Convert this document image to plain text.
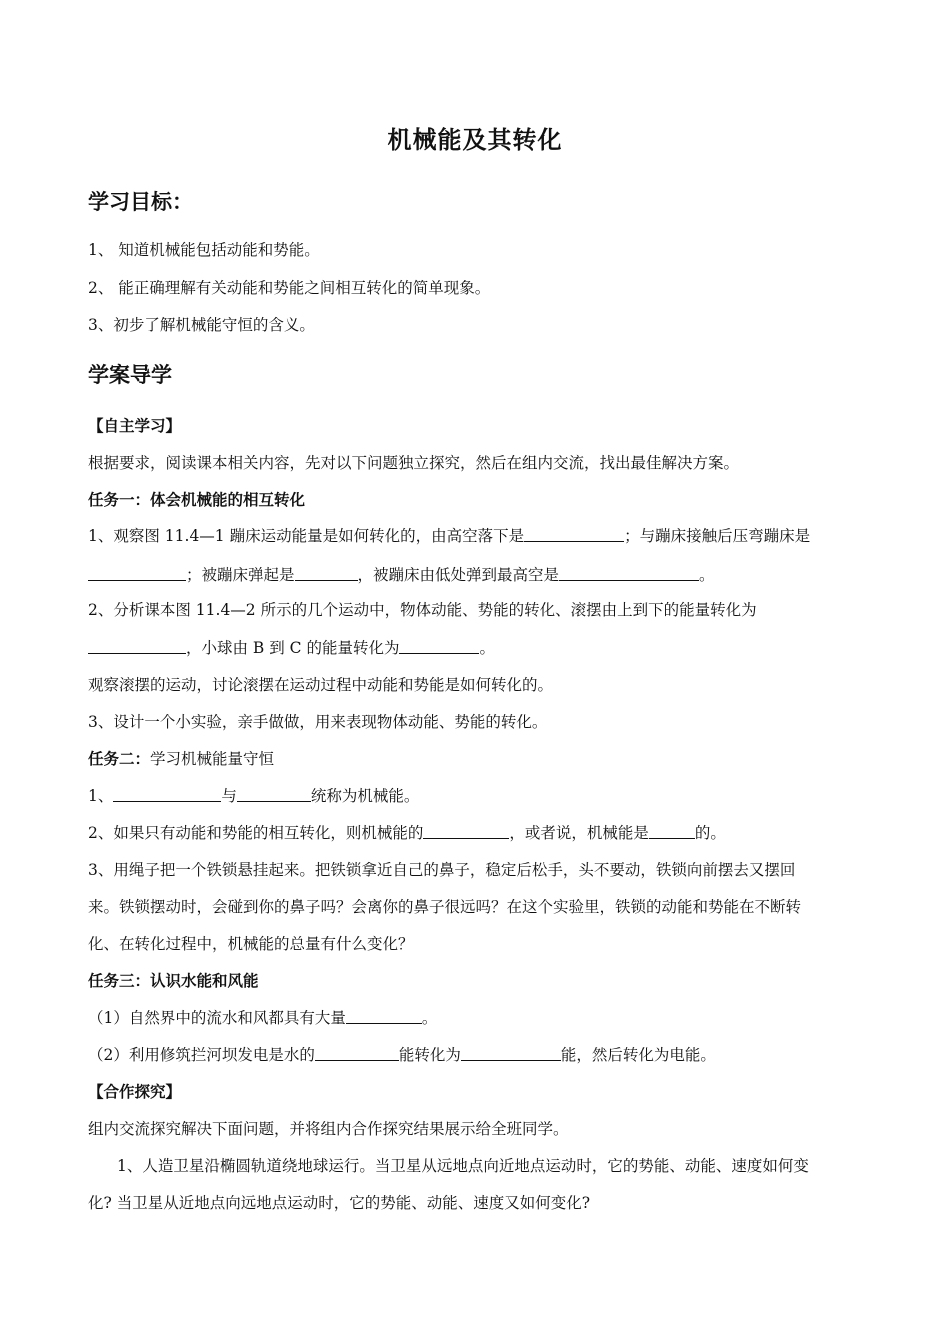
机械能及其转化
学习目标：
1、 知道机械能包括动能和势能。
2、 能正确理解有关动能和势能之间相互转化的简单现象。
3、初步了解机械能守恒的含义。
学案导学
【自主学习】
根据要求，阅读课本相关内容，先对以下问题独立探究，然后在组内交流，找出最佳解决方案。
任务一：体会机械能的相互转化
1、观察图 11.4—1 蹦床运动能量是如何转化的，由高空落下是	；与蹦床接触后压弯蹦床是
；被蹦床弹起是	，被蹦床由低处弹到最高空是	。
2、分析课本图 11.4—2 所示的几个运动中，物体动能、势能的转化、滚摆由上到下的能量转化为
，小球由 B 到 C 的能量转化为	。
观察滚摆的运动，讨论滚摆在运动过程中动能和势能是如何转化的。
3、设计一个小实验，亲手做做，用来表现物体动能、势能的转化。
任务二：学习机械能量守恒
1、	与	统称为机械能。
2、如果只有动能和势能的相互转化，则机械能的	，或者说，机械能是	的。
3、用绳子把一个铁锁悬挂起来。把铁锁拿近自己的鼻子，稳定后松手，头不要动，铁锁向前摆去又摆回
来。铁锁摆动时，会碰到你的鼻子吗？会离你的鼻子很远吗？在这个实验里，铁锁的动能和势能在不断转
化、在转化过程中，机械能的总量有什么变化？
任务三：认识水能和风能
（1）自然界中的流水和风都具有大量	。
（2）利用修筑拦河坝发电是水的	能转化为	能，然后转化为电能。
【合作探究】
组内交流探究解决下面问题，并将组内合作探究结果展示给全班同学。
1、人造卫星沿椭圆轨道绕地球运行。当卫星从远地点向近地点运动时，它的势能、动能、速度如何变
化? 当卫星从近地点向远地点运动时，它的势能、动能、速度又如何变化?
